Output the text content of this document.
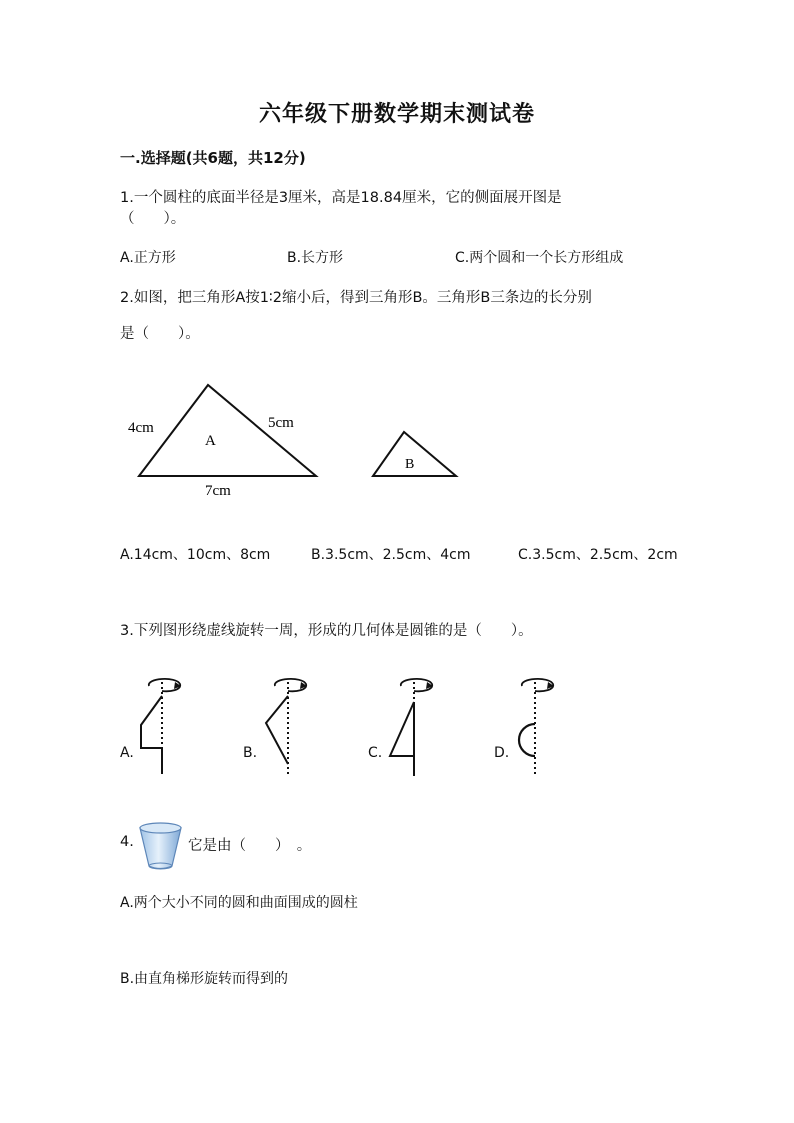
六年级下册数学期末测试卷
一.选择题(共6题，共12分)
1.一个圆柱的底面半径是3厘米，高是18.84厘米，它的侧面展开图是
（　　）。
A.正方形	B.长方形	C.两个圆和一个长方形组成
2.如图，把三角形A按1∶2缩小后，得到三角形B。三角形B三条边的长分别
是（　　）。
4cm	5cm
7cm
A
B
A.14cm、10cm、8cm	B.3.5cm、2.5cm、4cm	C.3.5cm、2.5cm、2cm
3.下列图形绕虚线旋转一周，形成的几何体是圆锥的是（　　）。
A.	B.	C.	D.
4.	它是由（　　）　。
A.两个大小不同的圆和曲面围成的圆柱
B.由直角梯形旋转而得到的
